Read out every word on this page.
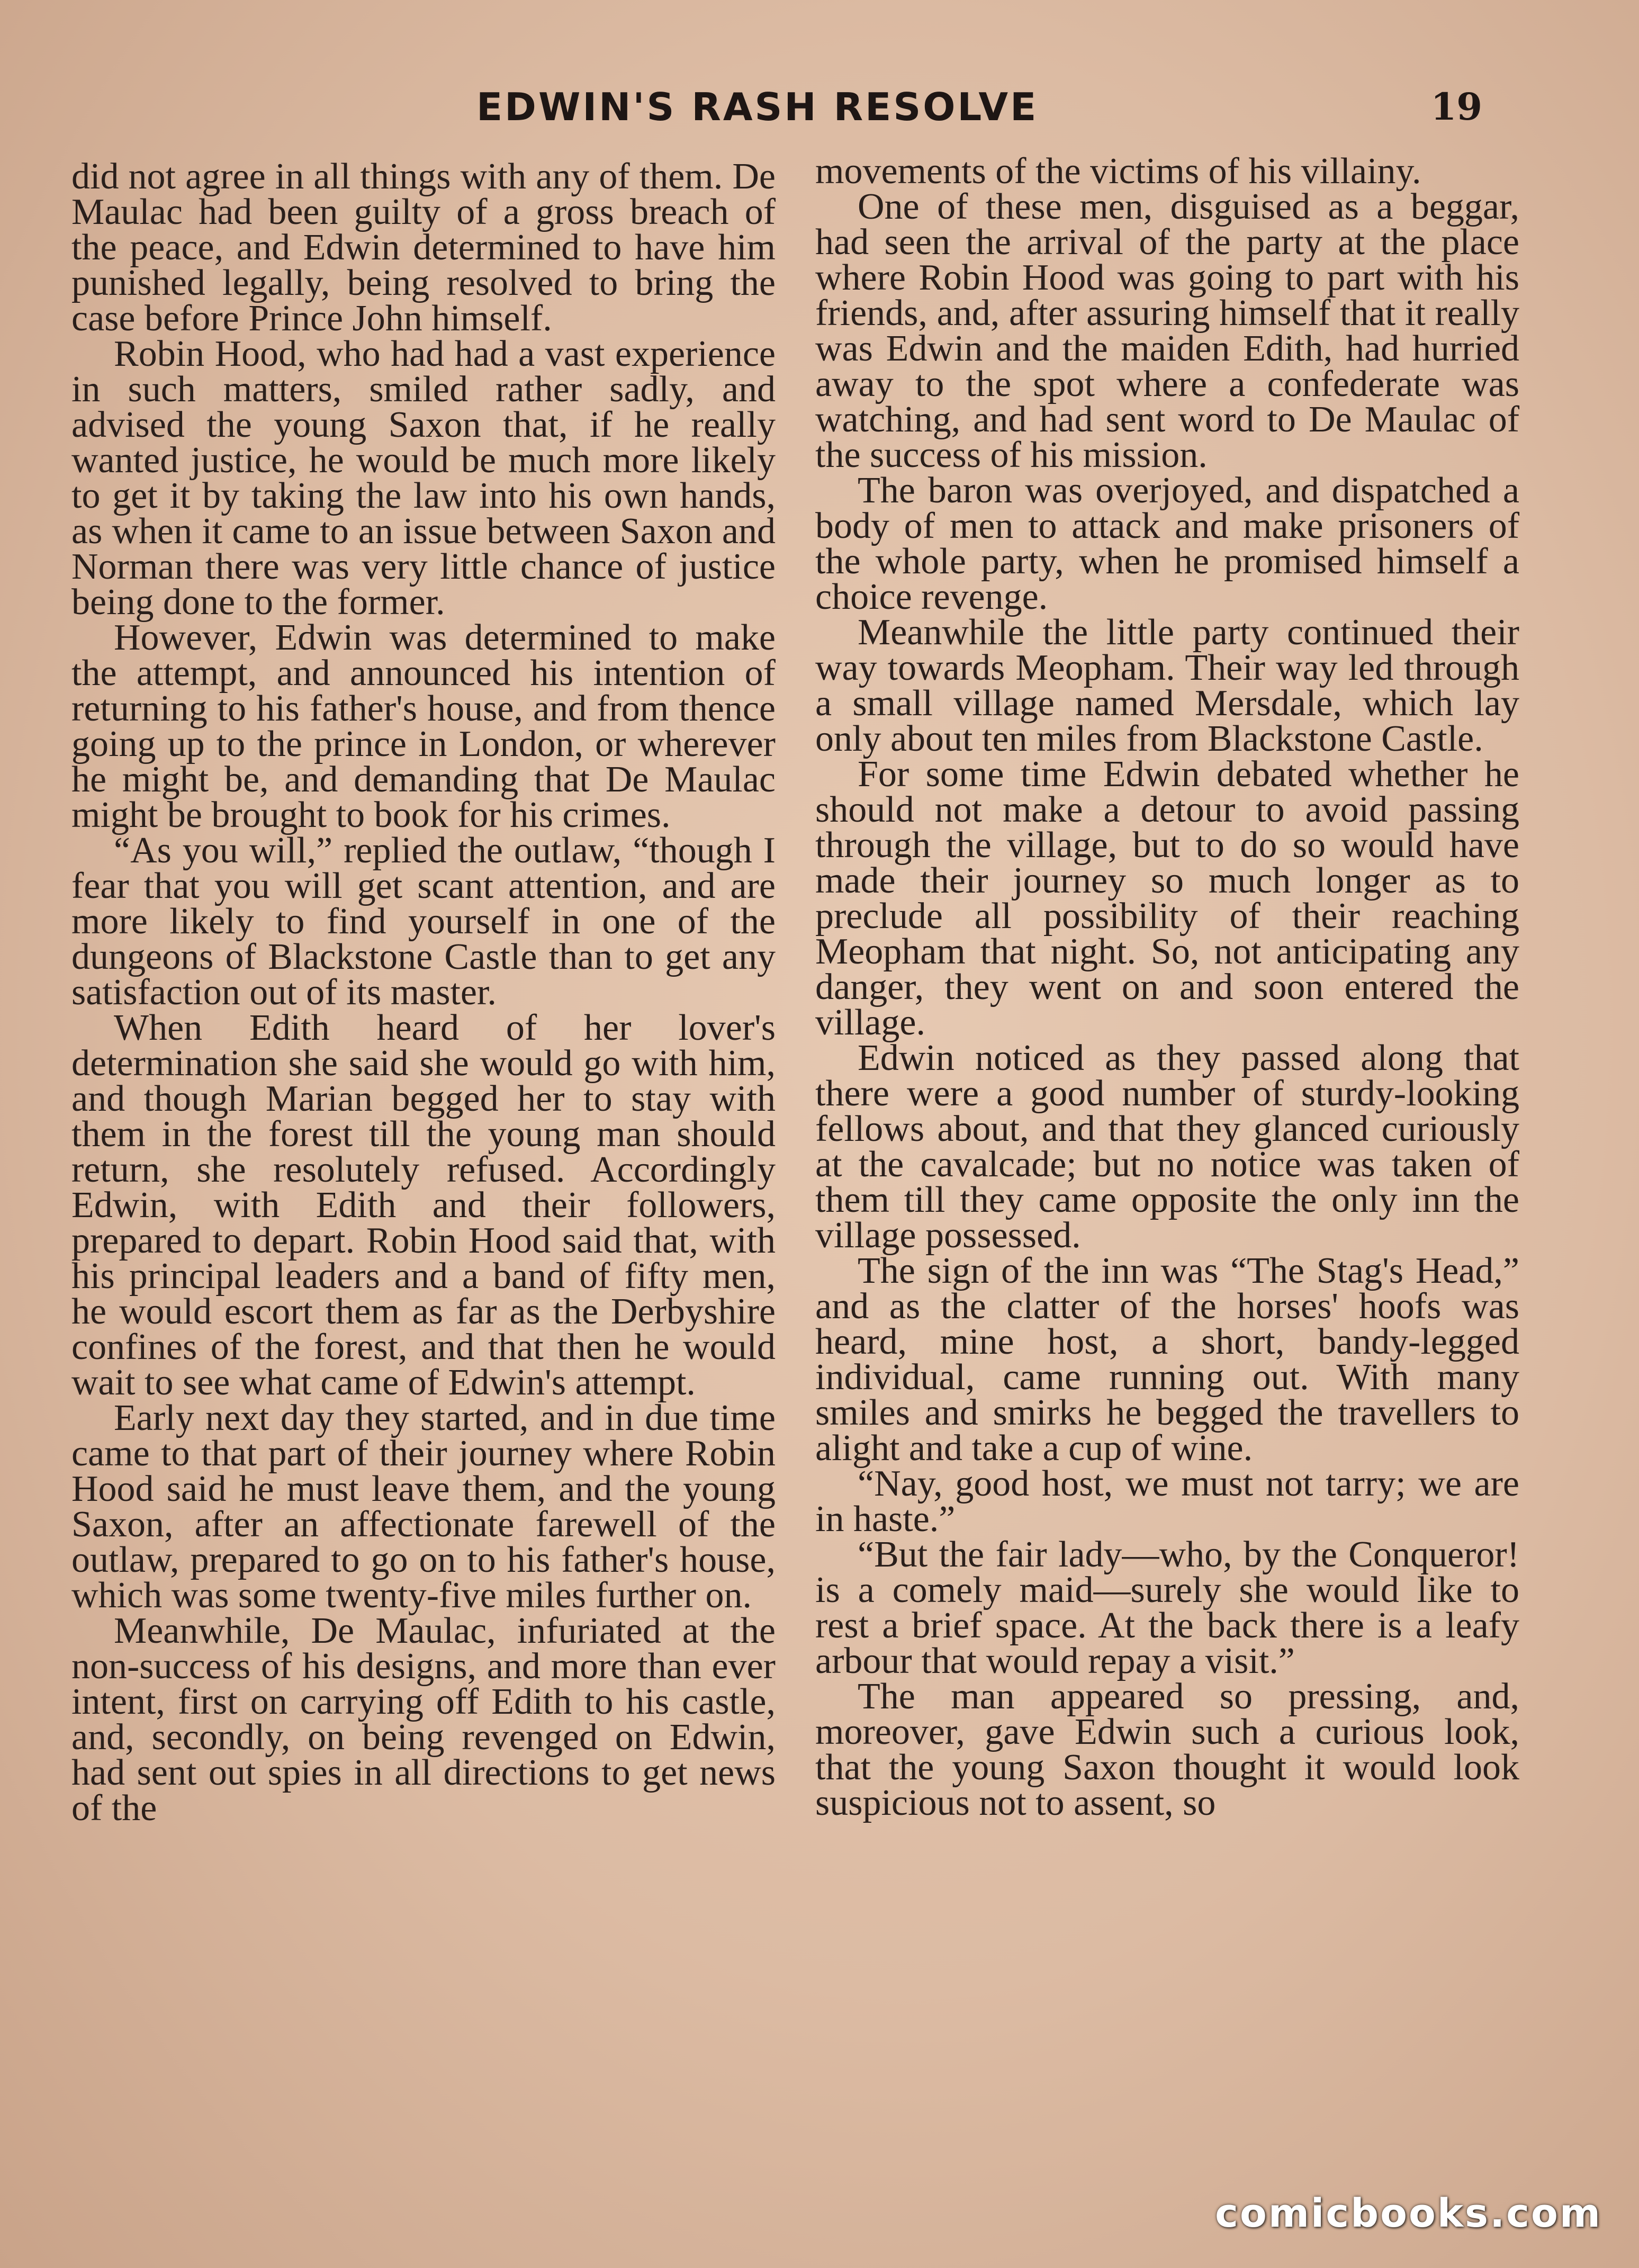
EDWIN'S RASH RESOLVE	19

did not agree in all things with any of them. De Maulac had been guilty of a gross breach of the peace, and Edwin determined to have him punished legally, being resolved to bring the case before Prince John himself.

Robin Hood, who had had a vast experience in such matters, smiled rather sadly, and advised the young Saxon that, if he really wanted justice, he would be much more likely to get it by taking the law into his own hands, as when it came to an issue between Saxon and Norman there was very little chance of justice being done to the former.

However, Edwin was determined to make the attempt, and announced his intention of returning to his father's house, and from thence going up to the prince in London, or wherever he might be, and demanding that De Maulac might be brought to book for his crimes.

“As you will,” replied the outlaw, “though I fear that you will get scant attention, and are more likely to find yourself in one of the dungeons of Blackstone Castle than to get any satisfaction out of its master.

When Edith heard of her lover's determination she said she would go with him, and though Marian begged her to stay with them in the forest till the young man should return, she resolutely refused. Accordingly Edwin, with Edith and their followers, prepared to depart. Robin Hood said that, with his principal leaders and a band of fifty men, he would escort them as far as the Derbyshire confines of the forest, and that then he would wait to see what came of Edwin's attempt.

Early next day they started, and in due time came to that part of their journey where Robin Hood said he must leave them, and the young Saxon, after an affectionate farewell of the outlaw, prepared to go on to his father's house, which was some twenty-five miles further on.

Meanwhile, De Maulac, infuriated at the non-success of his designs, and more than ever intent, first on carrying off Edith to his castle, and, secondly, on being revenged on Edwin, had sent out spies in all directions to get news of the

movements of the victims of his villainy.

One of these men, disguised as a beggar, had seen the arrival of the party at the place where Robin Hood was going to part with his friends, and, after assuring himself that it really was Edwin and the maiden Edith, had hurried away to the spot where a confederate was watching, and had sent word to De Maulac of the success of his mission.

The baron was overjoyed, and dispatched a body of men to attack and make prisoners of the whole party, when he promised himself a choice revenge.

Meanwhile the little party continued their way towards Meopham. Their way led through a small village named Mersdale, which lay only about ten miles from Blackstone Castle.

For some time Edwin debated whether he should not make a detour to avoid passing through the village, but to do so would have made their journey so much longer as to preclude all possibility of their reaching Meopham that night. So, not anticipating any danger, they went on and soon entered the village.

Edwin noticed as they passed along that there were a good number of sturdy-looking fellows about, and that they glanced curiously at the cavalcade; but no notice was taken of them till they came opposite the only inn the village possessed.

The sign of the inn was “The Stag's Head,” and as the clatter of the horses' hoofs was heard, mine host, a short, bandy-legged individual, came running out. With many smiles and smirks he begged the travellers to alight and take a cup of wine.

“Nay, good host, we must not tarry; we are in haste.”

“But the fair lady—who, by the Conqueror! is a comely maid—surely she would like to rest a brief space. At the back there is a leafy arbour that would repay a visit.”

The man appeared so pressing, and, moreover, gave Edwin such a curious look, that the young Saxon thought it would look suspicious not to assent, so

comicbooks.com
